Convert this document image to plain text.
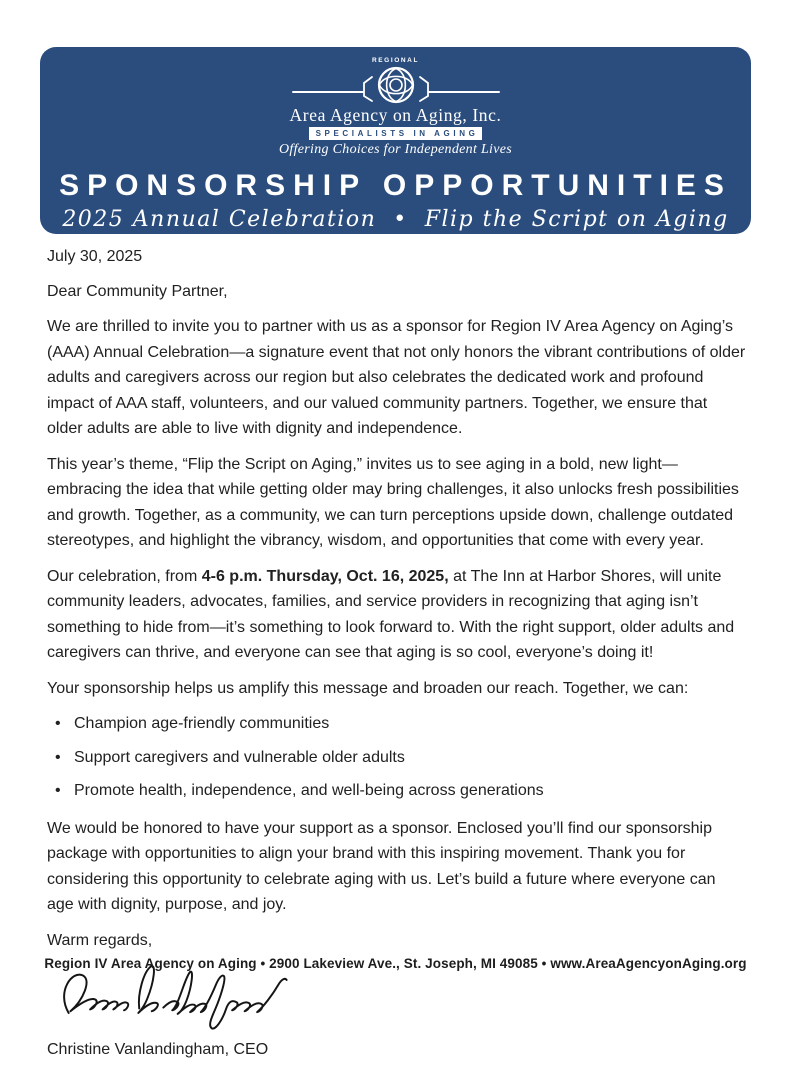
REGIONAL
Area Agency on Aging, Inc.
SPECIALISTS IN AGING
Offering Choices for Independent Lives
SPONSORSHIP OPPORTUNITIES
2025 Annual Celebration  •  Flip the Script on Aging

July 30, 2025

Dear Community Partner,

We are thrilled to invite you to partner with us as a sponsor for Region IV Area Agency on Aging’s (AAA) Annual Celebration—a signature event that not only honors the vibrant contributions of older adults and caregivers across our region but also celebrates the dedicated work and profound impact of AAA staff, volunteers, and our valued community partners. Together, we ensure that older adults are able to live with dignity and independence.

This year’s theme, “Flip the Script on Aging,” invites us to see aging in a bold, new light—embracing the idea that while getting older may bring challenges, it also unlocks fresh possibilities and growth. Together, as a community, we can turn perceptions upside down, challenge outdated stereotypes, and highlight the vibrancy, wisdom, and opportunities that come with every year.

Our celebration, from 4-6 p.m. Thursday, Oct. 16, 2025, at The Inn at Harbor Shores, will unite community leaders, advocates, families, and service providers in recognizing that aging isn’t something to hide from—it’s something to look forward to. With the right support, older adults and caregivers can thrive, and everyone can see that aging is so cool, everyone’s doing it!

Your sponsorship helps us amplify this message and broaden our reach. Together, we can:

• Champion age-friendly communities
• Support caregivers and vulnerable older adults
• Promote health, independence, and well-being across generations

We would be honored to have your support as a sponsor. Enclosed you’ll find our sponsorship package with opportunities to align your brand with this inspiring movement. Thank you for considering this opportunity to celebrate aging with us. Let’s build a future where everyone can age with dignity, purpose, and joy.

Warm regards,

Christine Vanlandingham, CEO

Region IV Area Agency on Aging • 2900 Lakeview Ave., St. Joseph, MI 49085 • www.AreaAgencyonAging.org
